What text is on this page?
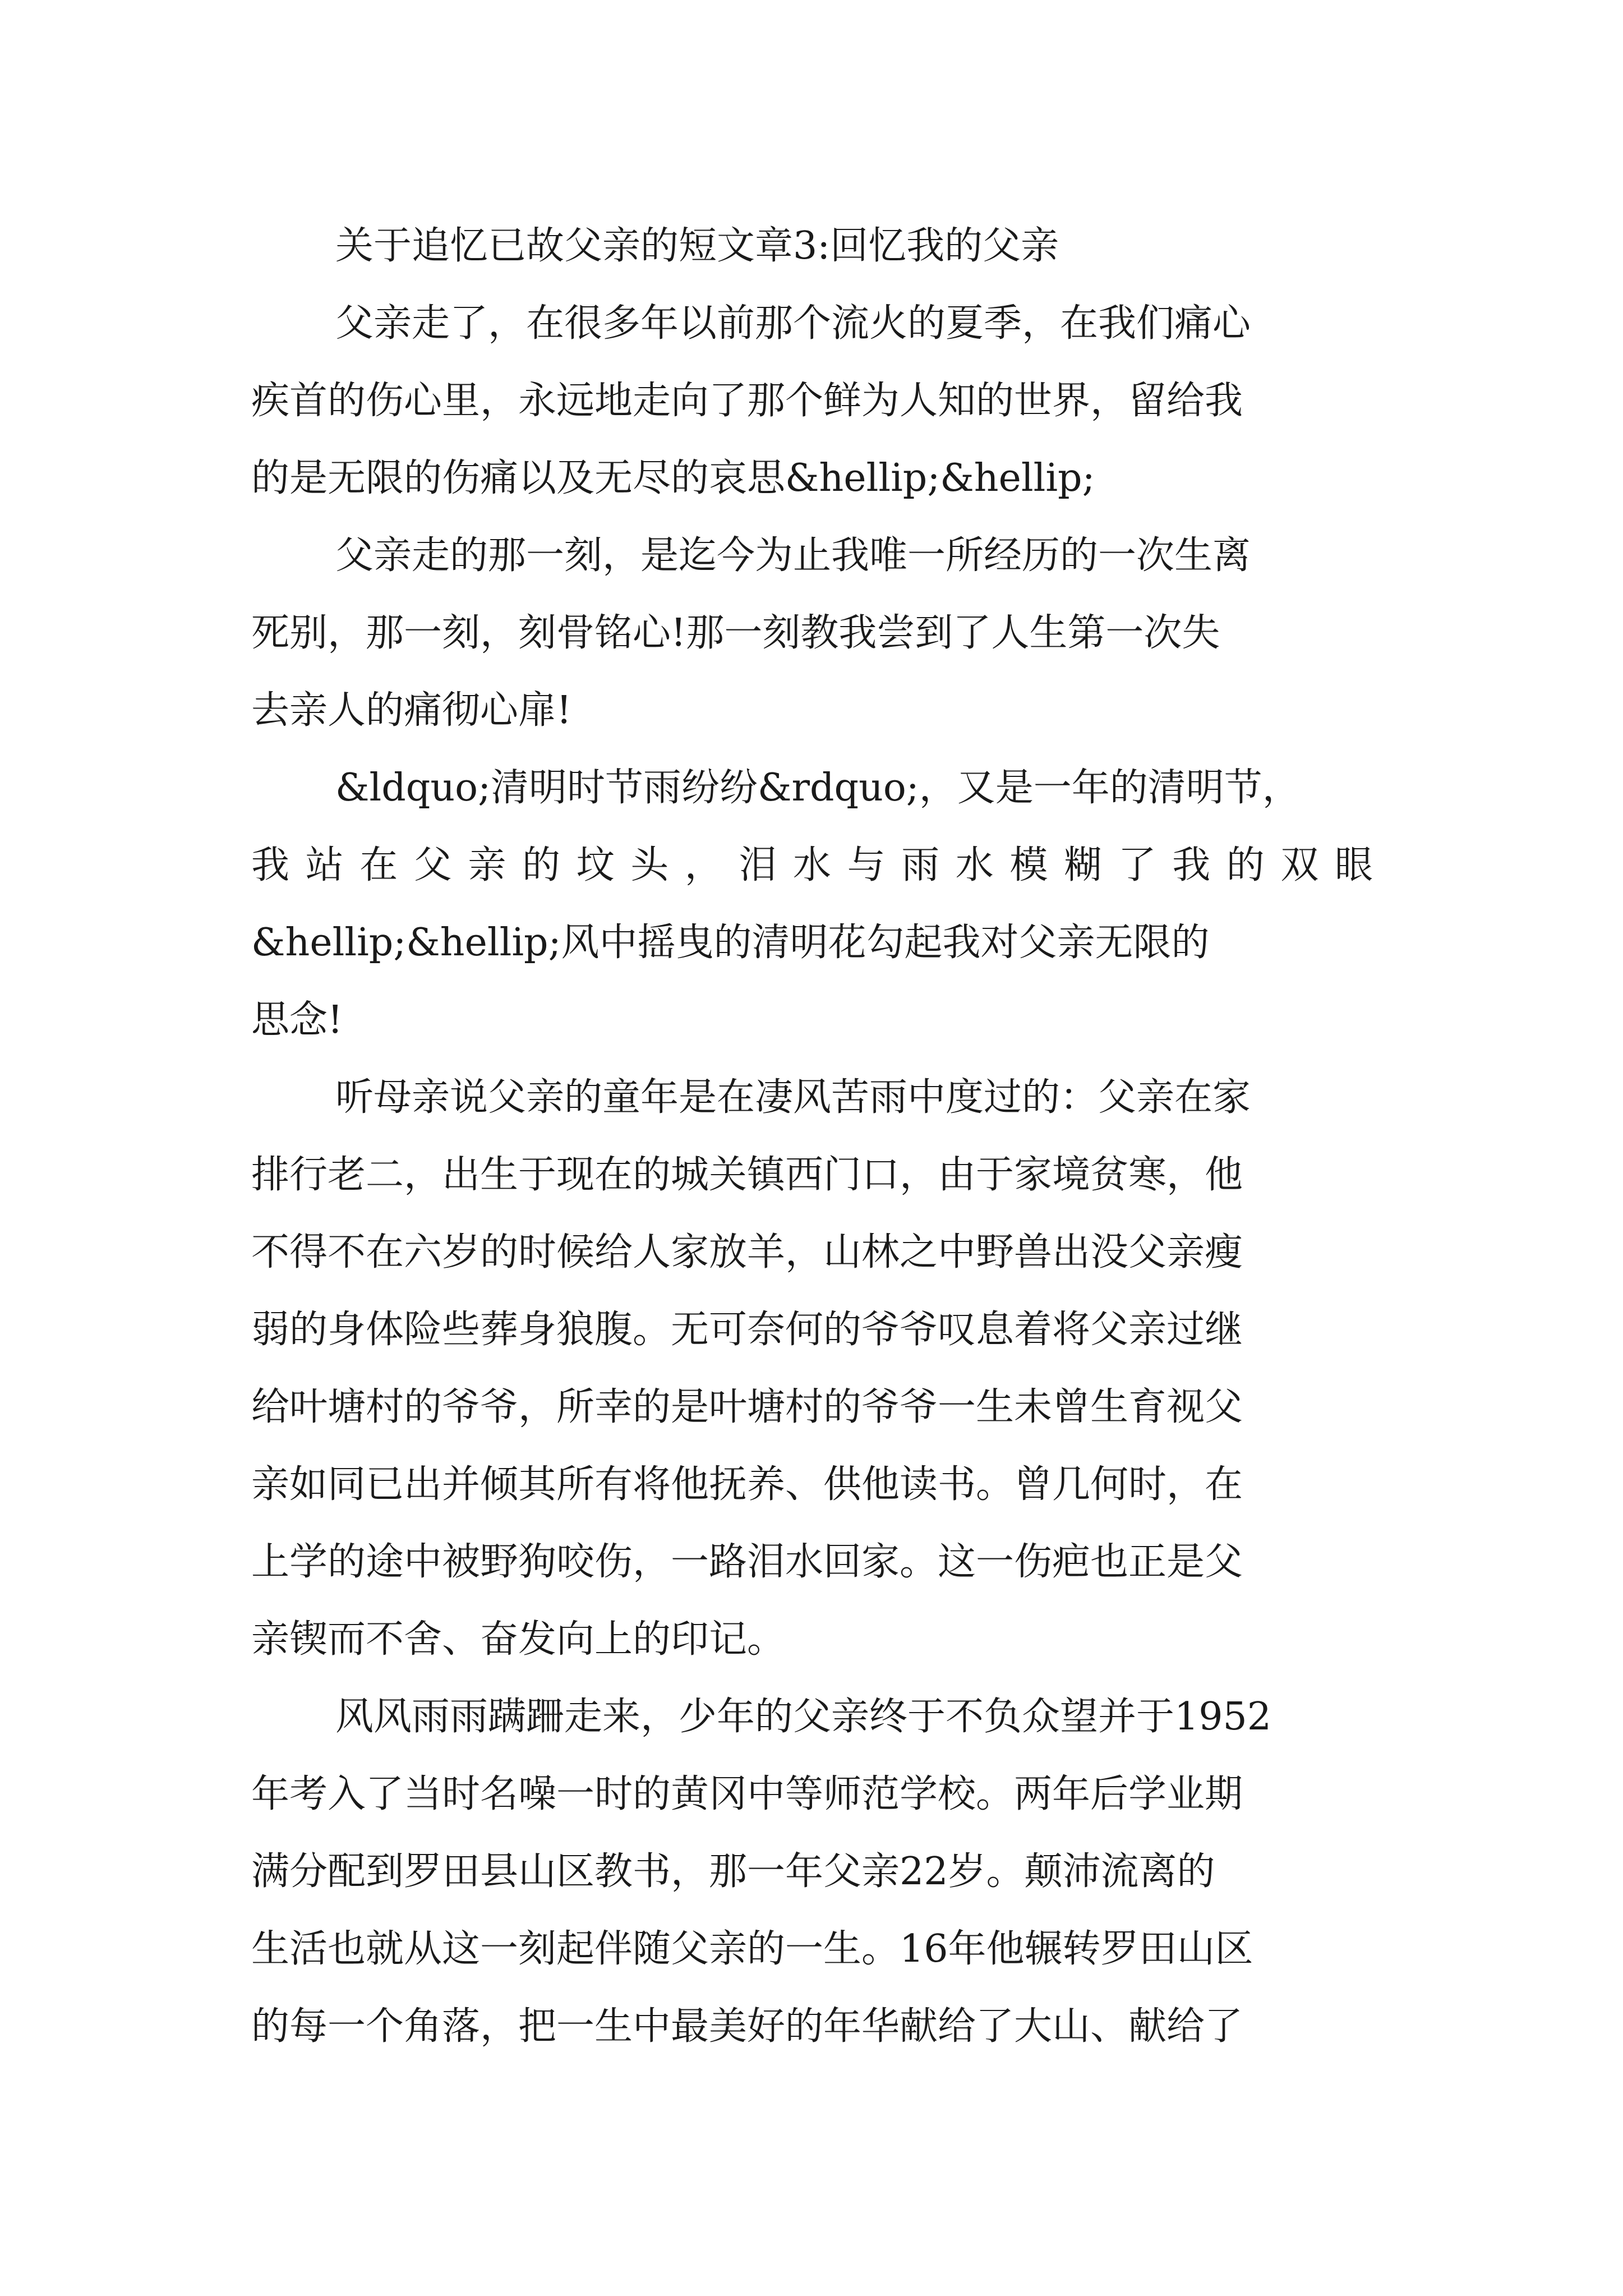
关于追忆已故父亲的短文章3:回忆我的父亲
父亲走了，在很多年以前那个流火的夏季，在我们痛心
疾首的伤心里，永远地走向了那个鲜为人知的世界，留给我
的是无限的伤痛以及无尽的哀思&hellip;&hellip;
父亲走的那一刻，是迄今为止我唯一所经历的一次生离
死别，那一刻，刻骨铭心!那一刻教我尝到了人生第一次失
去亲人的痛彻心扉!
&ldquo;清明时节雨纷纷&rdquo;，又是一年的清明节，
我站在父亲的坟头，泪水与雨水模糊了我的双眼
&hellip;&hellip;风中摇曳的清明花勾起我对父亲无限的
思念!
听母亲说父亲的童年是在凄风苦雨中度过的：父亲在家
排行老二，出生于现在的城关镇西门口，由于家境贫寒，他
不得不在六岁的时候给人家放羊，山林之中野兽出没父亲瘦
弱的身体险些葬身狼腹。无可奈何的爷爷叹息着将父亲过继
给叶塘村的爷爷，所幸的是叶塘村的爷爷一生未曾生育视父
亲如同已出并倾其所有将他抚养、供他读书。曾几何时，在
上学的途中被野狗咬伤，一路泪水回家。这一伤疤也正是父
亲锲而不舍、奋发向上的印记。
风风雨雨蹒跚走来，少年的父亲终于不负众望并于1952
年考入了当时名噪一时的黄冈中等师范学校。两年后学业期
满分配到罗田县山区教书，那一年父亲22岁。颠沛流离的
生活也就从这一刻起伴随父亲的一生。16年他辗转罗田山区
的每一个角落，把一生中最美好的年华献给了大山、献给了
